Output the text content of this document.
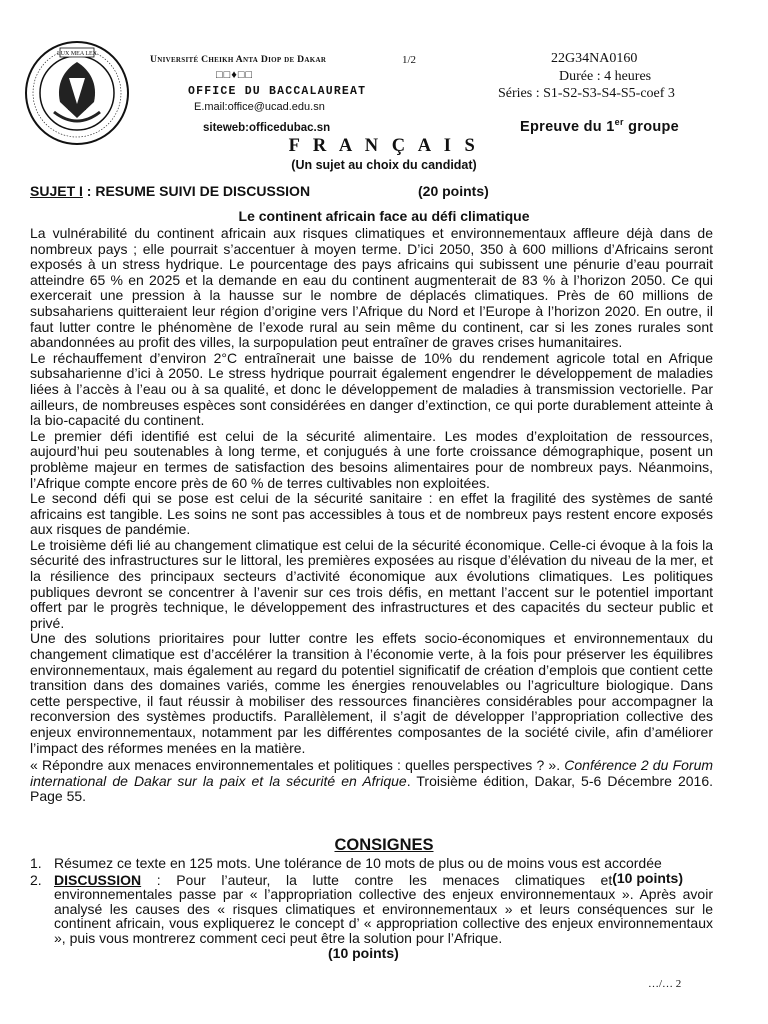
LUX MEA LEX	Université Cheikh Anta Diop de Dakar	1/2
□□♦□□
OFFICE DU BACCALAUREAT
E.mail:office@ucad.edu.sn
siteweb:officedubac.sn
22G34NA0160
Durée : 4 heures
Séries : S1-S2-S3-S4-S5-coef 3
Epreuve du 1er groupe
F R A N Ç A I S
(Un sujet au choix du candidat)
SUJET I : RESUME SUIVI DE DISCUSSION	(20 points)
Le continent africain face au défi climatique

La vulnérabilité du continent africain aux risques climatiques et environnementaux affleure déjà dans de nombreux pays ; elle pourrait s’accentuer à moyen terme. D’ici 2050, 350 à 600 millions d’Africains seront exposés à un stress hydrique. Le pourcentage des pays africains qui subissent une pénurie d’eau pourrait atteindre 65 % en 2025 et la demande en eau du continent augmenterait de 83 % à l’horizon 2050. Ce qui exercerait une pression à la hausse sur le nombre de déplacés climatiques. Près de 60 millions de subsahariens quitteraient leur région d’origine vers l’Afrique du Nord et l’Europe à l’horizon 2020. En outre, il faut lutter contre le phénomène de l’exode rural au sein même du continent, car si les zones rurales sont abandonnées au profit des villes, la surpopulation peut entraîner de graves crises humanitaires.

Le réchauffement d’environ 2°C entraînerait une baisse de 10% du rendement agricole total en Afrique subsaharienne d’ici à 2050. Le stress hydrique pourrait également engendrer le développement de maladies liées à l’accès à l’eau ou à sa qualité, et donc le développement de maladies à transmission vectorielle. Par ailleurs, de nombreuses espèces sont considérées en danger d’extinction, ce qui porte durablement atteinte à la bio-capacité du continent.

Le premier défi identifié est celui de la sécurité alimentaire. Les modes d’exploitation de ressources, aujourd’hui peu soutenables à long terme, et conjugués à une forte croissance démographique, posent un problème majeur en termes de satisfaction des besoins alimentaires pour de nombreux pays. Néanmoins, l’Afrique compte encore près de 60 % de terres cultivables non exploitées.

Le second défi qui se pose est celui de la sécurité sanitaire : en effet la fragilité des systèmes de santé africains est tangible. Les soins ne sont pas accessibles à tous et de nombreux pays restent encore exposés aux risques de pandémie.

Le troisième défi lié au changement climatique est celui de la sécurité économique. Celle-ci évoque à la fois la sécurité des infrastructures sur le littoral, les premières exposées au risque d’élévation du niveau de la mer, et la résilience des principaux secteurs d’activité économique aux évolutions climatiques. Les politiques publiques devront se concentrer à l’avenir sur ces trois défis, en mettant l’accent sur le potentiel important offert par le progrès technique, le développement des infrastructures et des capacités du secteur public et privé.

Une des solutions prioritaires pour lutter contre les effets socio-économiques et environnementaux du changement climatique est d’accélérer la transition à l’économie verte, à la fois pour préserver les équilibres environnementaux, mais également au regard du potentiel significatif de création d’emplois que contient cette transition dans des domaines variés, comme les énergies renouvelables ou l’agriculture biologique. Dans cette perspective, il faut réussir à mobiliser des ressources financières considérables pour accompagner la reconversion des systèmes productifs. Parallèlement, il s’agit de développer l’appropriation collective des enjeux environnementaux, notamment par les différentes composantes de la société civile, afin d’améliorer l’impact des réformes menées en la matière.

« Répondre aux menaces environnementales et politiques : quelles perspectives ? ». Conférence 2 du Forum international de Dakar sur la paix et la sécurité en Afrique. Troisième édition, Dakar, 5-6 Décembre 2016. Page 55.

CONSIGNES
1. Résumez ce texte en 125 mots. Une tolérance de 10 mots de plus ou de moins vous est accordée
(10 points)
2. DISCUSSION : Pour l’auteur, la lutte contre les menaces climatiques et environnementales passe par « l’appropriation collective des enjeux environnementaux ». Après avoir analysé les causes des « risques climatiques et environnementaux » et leurs conséquences sur le continent africain, vous expliquerez le concept d’ « appropriation collective des enjeux environnementaux », puis vous montrerez comment ceci peut être la solution pour l’Afrique.
(10 points)
…/… 2
